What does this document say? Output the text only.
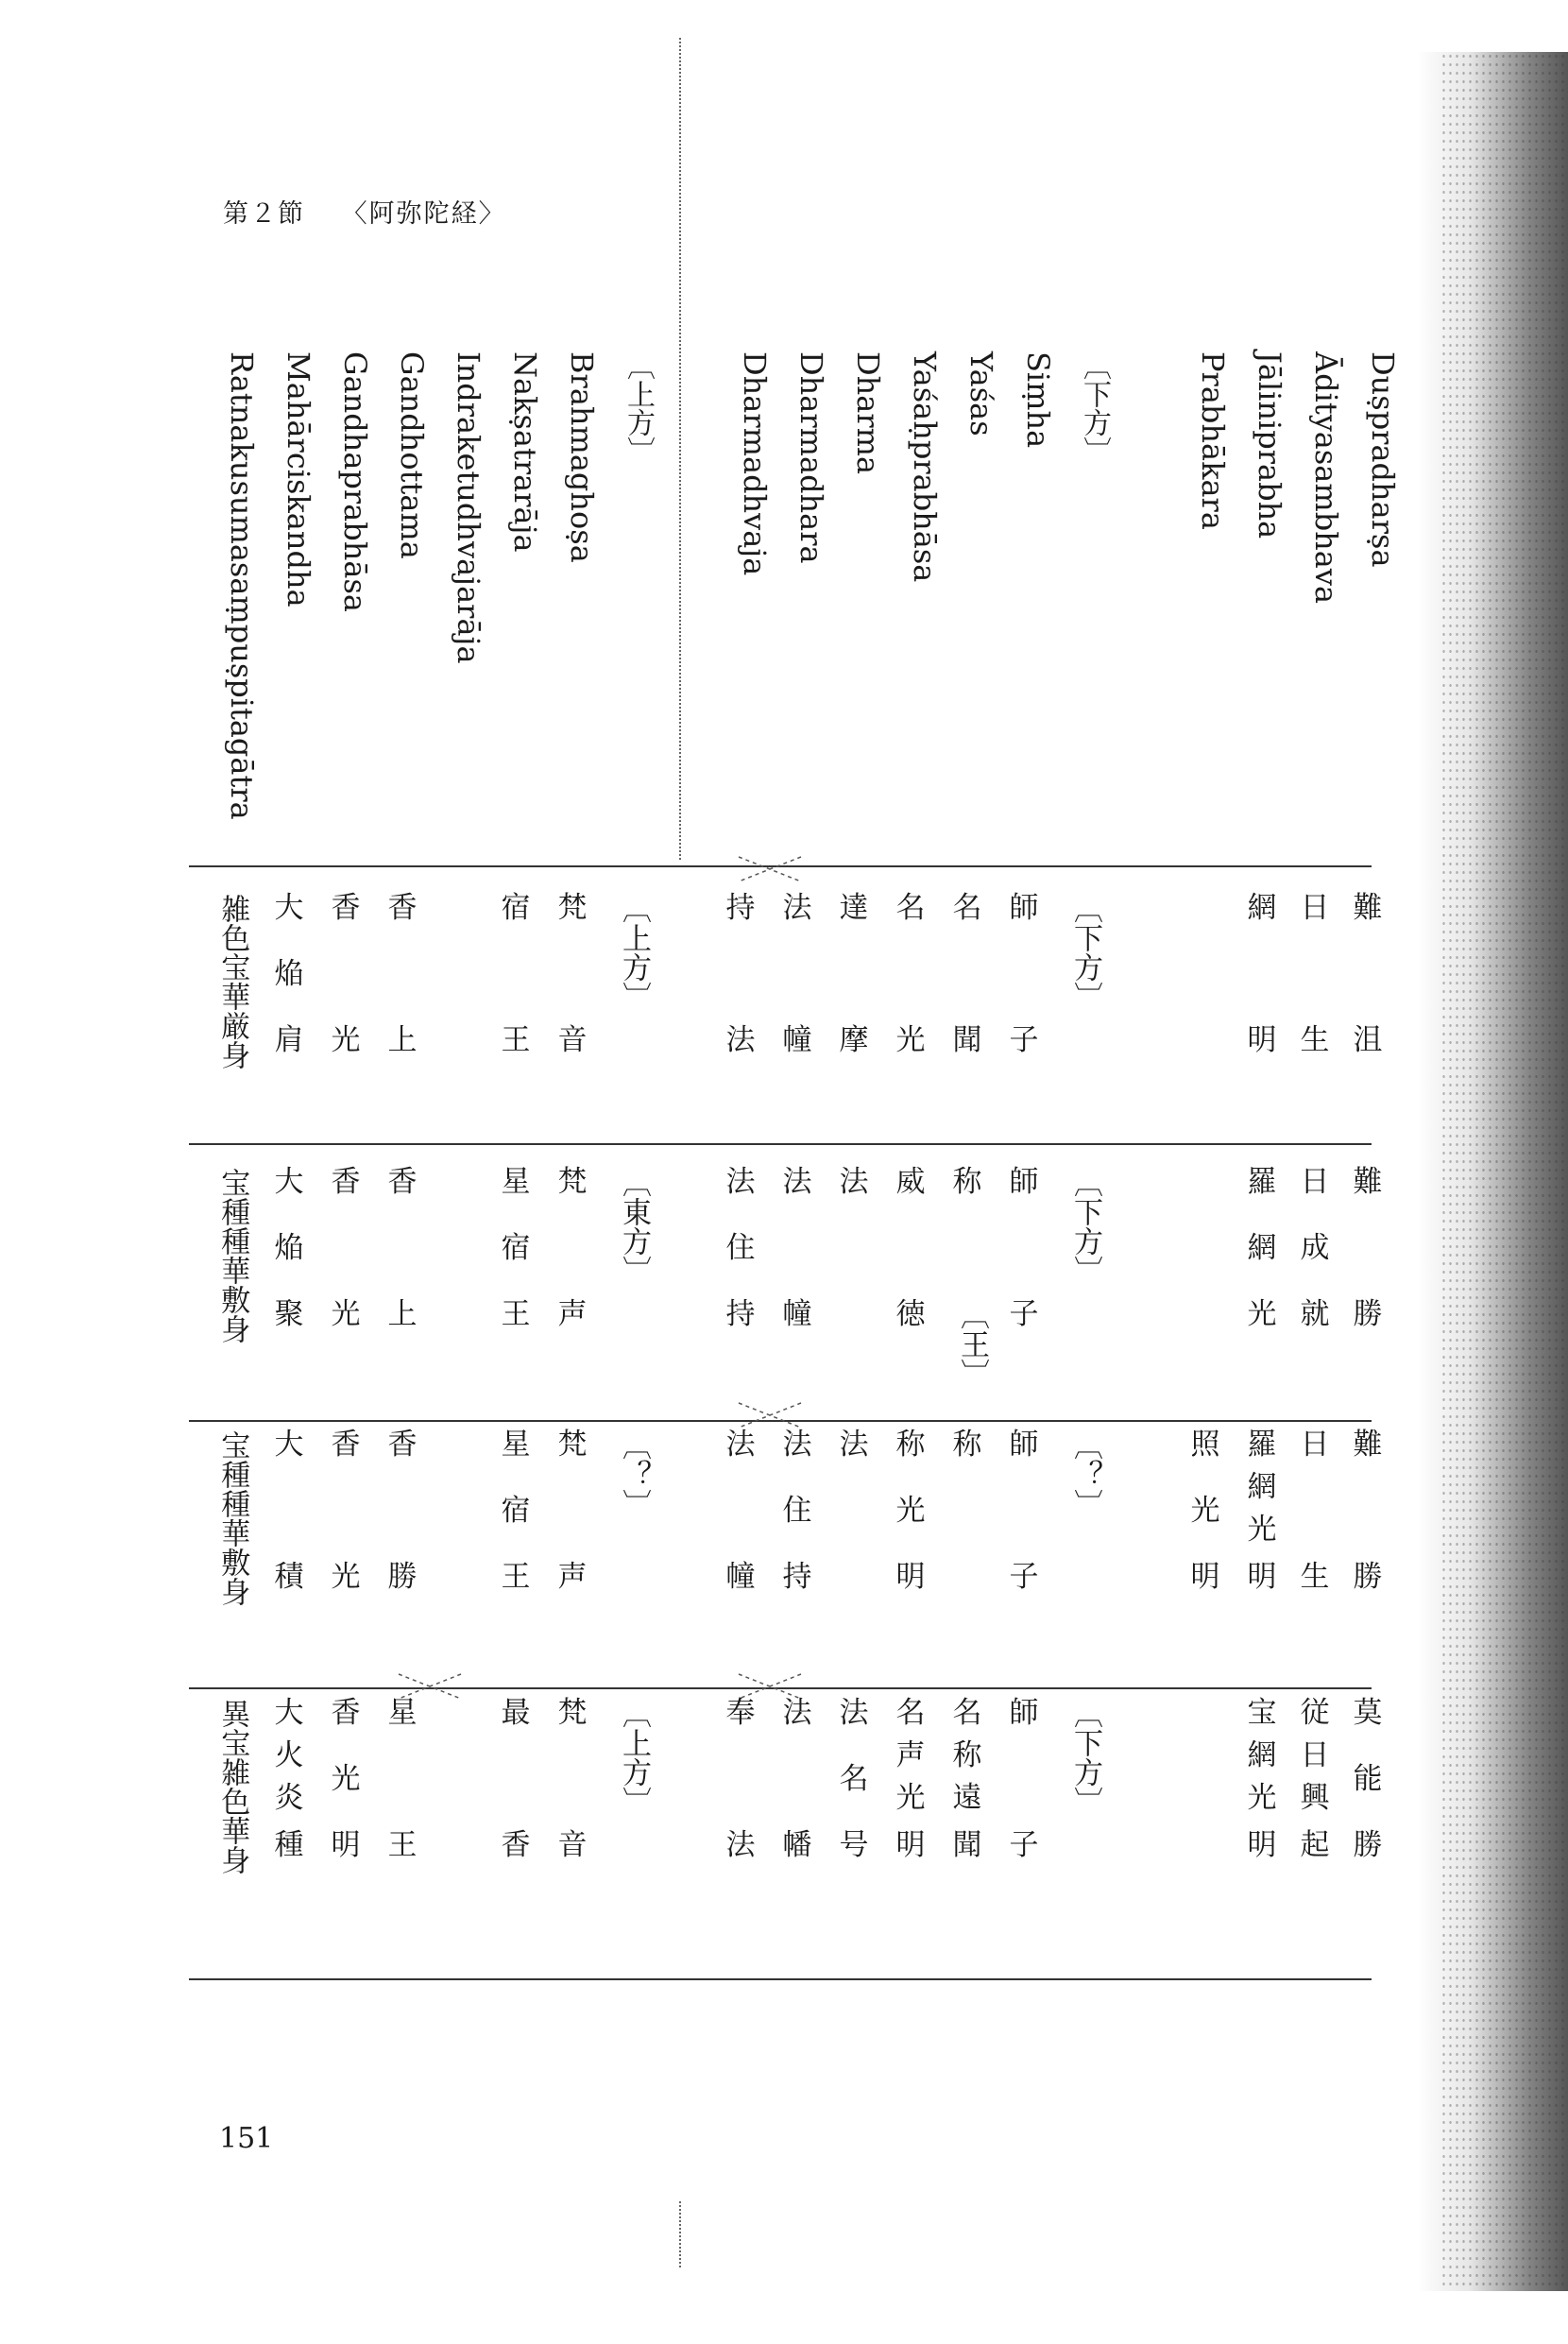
第２節 〈阿弥陀経〉
Duṣpradharṣa
Ādityasambhava
Jāliniprabha
Prabhākara
〔下方〕
Siṃha
Yaśas
Yaśaḥprabhāsa
Dharma
Dharmadhara
Dharmadhvaja
〔上方〕
Brahmaghoṣa
Nakṣatrarāja
Indraketudhvajarāja
Gandhottama
Gandhaprabhāsa
Mahārciskandha
Ratnakusumasaṃpuṣpitagātra
難
沮
日
生
網
明
〔下方〕
師
子
名
聞
名
光
達
摩
法
幢
持
法
〔上方〕
梵
音
宿
王
香
上
香
光
大
焔
肩
雑色宝華厳身
難
勝
日
成
就
羅
網
光
〔下方〕
師
子
称
〔王〕
威
徳
法
法
幢
法
住
持
〔東方〕
梵
声
星
宿
王
香
上
香
光
大
焔
聚
宝種種華敷身
難
勝
日
生
羅
網
光
明
照
光
明
〔？〕
師
子
称
称
光
明
法
法
住
持
法
幢
〔？〕
梵
声
星
宿
王
香
勝
香
光
大
積
宝種種華敷身
莫
能
勝
従
日
興
起
宝
網
光
明
〔下方〕
師
子
名
称
遠
聞
名
声
光
明
法
名
号
法
幡
奉
法
〔上方〕
梵
音
最
香
星
王
香
光
明
大
火
炎
種
異宝雑色華身
151
